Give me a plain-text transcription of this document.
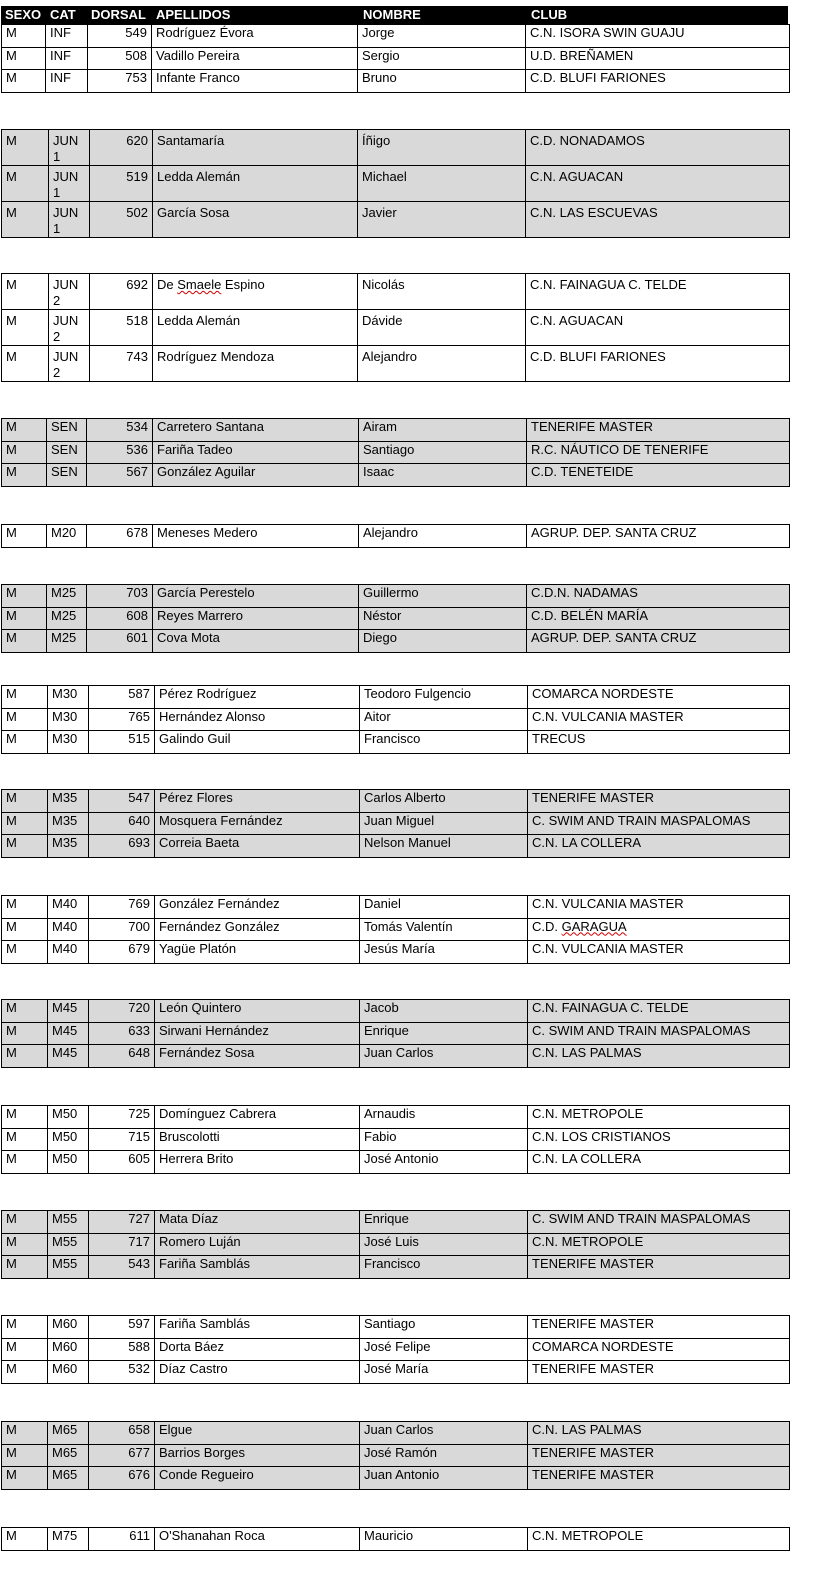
SEXO CAT DORSAL APELLIDOS	NOMBRE	CLUB
M	INF	549	Rodríguez Évora	Jorge	C.N. ISORA SWIN GUAJU
M	INF	508	Vadillo Pereira	Sergio	U.D. BREÑAMEN
M	INF	753	Infante Franco	Bruno	C.D. BLUFI FARIONES
M	JUN 1	620	Santamaría	Íñigo	C.D. NONADAMOS
M	JUN 1	519	Ledda Alemán	Michael	C.N. AGUACAN
M	JUN 1	502	García Sosa	Javier	C.N. LAS ESCUEVAS
M	JUN 2	692	De Smaele Espino	Nicolás	C.N. FAINAGUA C. TELDE
M	JUN 2	518	Ledda Alemán	Dávide	C.N. AGUACAN
M	JUN 2	743	Rodríguez Mendoza	Alejandro	C.D. BLUFI FARIONES
M	SEN	534	Carretero Santana	Airam	TENERIFE MASTER
M	SEN	536	Fariña Tadeo	Santiago	R.C. NÁUTICO DE TENERIFE
M	SEN	567	González Aguilar	Isaac	C.D. TENETEIDE
M	M20	678	Meneses Medero	Alejandro	AGRUP. DEP. SANTA CRUZ
M	M25	703	García Perestelo	Guillermo	C.D.N. NADAMAS
M	M25	608	Reyes Marrero	Néstor	C.D. BELÉN MARÍA
M	M25	601	Cova Mota	Diego	AGRUP. DEP. SANTA CRUZ
M	M30	587	Pérez Rodríguez	Teodoro Fulgencio	COMARCA NORDESTE
M	M30	765	Hernández Alonso	Aitor	C.N. VULCANIA MASTER
M	M30	515	Galindo Guil	Francisco	TRECUS
M	M35	547	Pérez Flores	Carlos Alberto	TENERIFE MASTER
M	M35	640	Mosquera Fernández	Juan Miguel	C. SWIM AND TRAIN MASPALOMAS
M	M35	693	Correia Baeta	Nelson Manuel	C.N. LA COLLERA
M	M40	769	González Fernández	Daniel	C.N. VULCANIA MASTER
M	M40	700	Fernández González	Tomás Valentín	C.D. GARAGUA
M	M40	679	Yagüe Platón	Jesús María	C.N. VULCANIA MASTER
M	M45	720	León Quintero	Jacob	C.N. FAINAGUA C. TELDE
M	M45	633	Sirwani Hernández	Enrique	C. SWIM AND TRAIN MASPALOMAS
M	M45	648	Fernández Sosa	Juan Carlos	C.N. LAS PALMAS
M	M50	725	Domínguez Cabrera	Arnaudis	C.N. METROPOLE
M	M50	715	Bruscolotti	Fabio	C.N. LOS CRISTIANOS
M	M50	605	Herrera Brito	José Antonio	C.N. LA COLLERA
M	M55	727	Mata Díaz	Enrique	C. SWIM AND TRAIN MASPALOMAS
M	M55	717	Romero Luján	José Luis	C.N. METROPOLE
M	M55	543	Fariña Samblás	Francisco	TENERIFE MASTER
M	M60	597	Fariña Samblás	Santiago	TENERIFE MASTER
M	M60	588	Dorta Báez	José Felipe	COMARCA NORDESTE
M	M60	532	Díaz Castro	José María	TENERIFE MASTER
M	M65	658	Elgue	Juan Carlos	C.N. LAS PALMAS
M	M65	677	Barrios Borges	José Ramón	TENERIFE MASTER
M	M65	676	Conde Regueiro	Juan Antonio	TENERIFE MASTER
M	M75	611	O'Shanahan Roca	Mauricio	C.N. METROPOLE
